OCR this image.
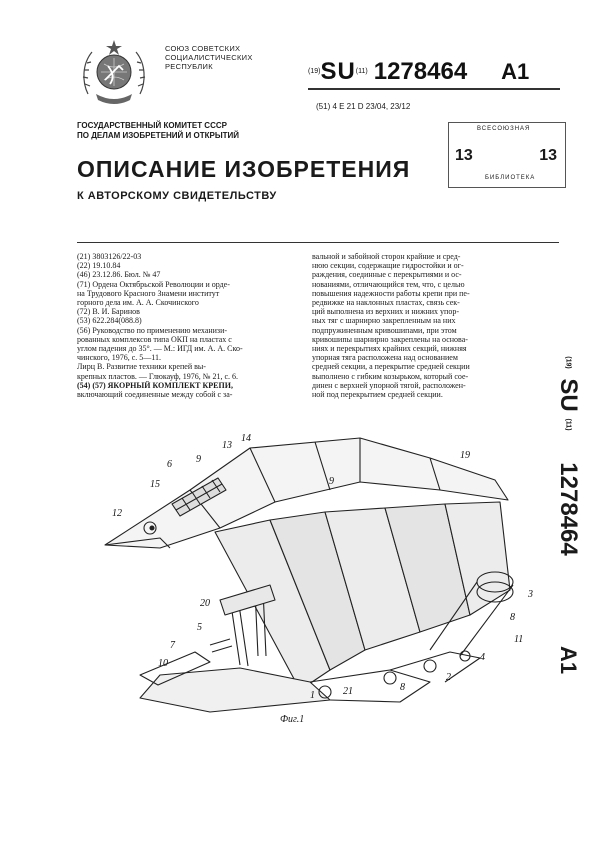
СОЮЗ СОВЕТСКИХ
СОЦИАЛИСТИЧЕСКИХ
РЕСПУБЛИК
$^{(19)}$SU$^{(11)}$ 1278464 A1
(51) 4 E 21 D 23/04, 23/12
ГОСУДАРСТВЕННЫЙ КОМИТЕТ СССР
ПО ДЕЛАМ ИЗОБРЕТЕНИЙ И ОТКРЫТИЙ
ВСЕСОЮЗНАЯ
13	13
БИБЛИОТЕКА
ОПИСАНИЕ ИЗОБРЕТЕНИЯ
К АВТОРСКОМУ СВИДЕТЕЛЬСТВУ
(21) 3803126/22-03
(22) 19.10.84
(46) 23.12.86. Бюл. № 47
(71) Ордена Октябрьской Революции и орде-
на Трудового Красного Знамени институт
горного дела им. А. А. Скочинского
(72) В. И. Баринов
(53) 622.284(088.8)
(56) Руководство по применению механизи-
рованных комплексов типа ОКП на пластах с
углом падения до 35°. — М.: ИГД им. А. А. Ско-
чинского, 1976, с. 5—11.
Лирц В. Развитие техники крепей вы-
крепных пластов. — Глюкауф, 1976, № 21, с. 6.
(54) (57) ЯКОРНЫЙ КОМПЛЕКТ КРЕПИ,
включающий соединенные между собой с за-
вальной и забойной сторон крайние и сред-
нюю секции, содержащие гидростойки и ог-
раждения, соединные с перекрытиями и ос-
нованиями, отличающийся тем, что, с целью
повышения надежности работы крепи при пе-
редвижке на наклонных пластах, связь сек-
ций выполнена из верхних и нижних упор-
ных тяг с шарнирно закрепленным на них
подпружиненным кривошипами, при этом
кривошипы шарнирно закреплены на основа-
ниях и перекрытиях крайних секций, нижняя
упорная тяга расположена над основанием
средней секции, а перекрытие средней секции
выполнено с гибким козырьком, который сое-
динен с верхней упорной тягой, расположен-
ной под перекрытием средней секции.
1
2
3
4
5
6
7
8
8
9
9
10
11
12
13
14
15
19
20
21
Фиг.1
(19)
SU
(11)
1278464
A1
